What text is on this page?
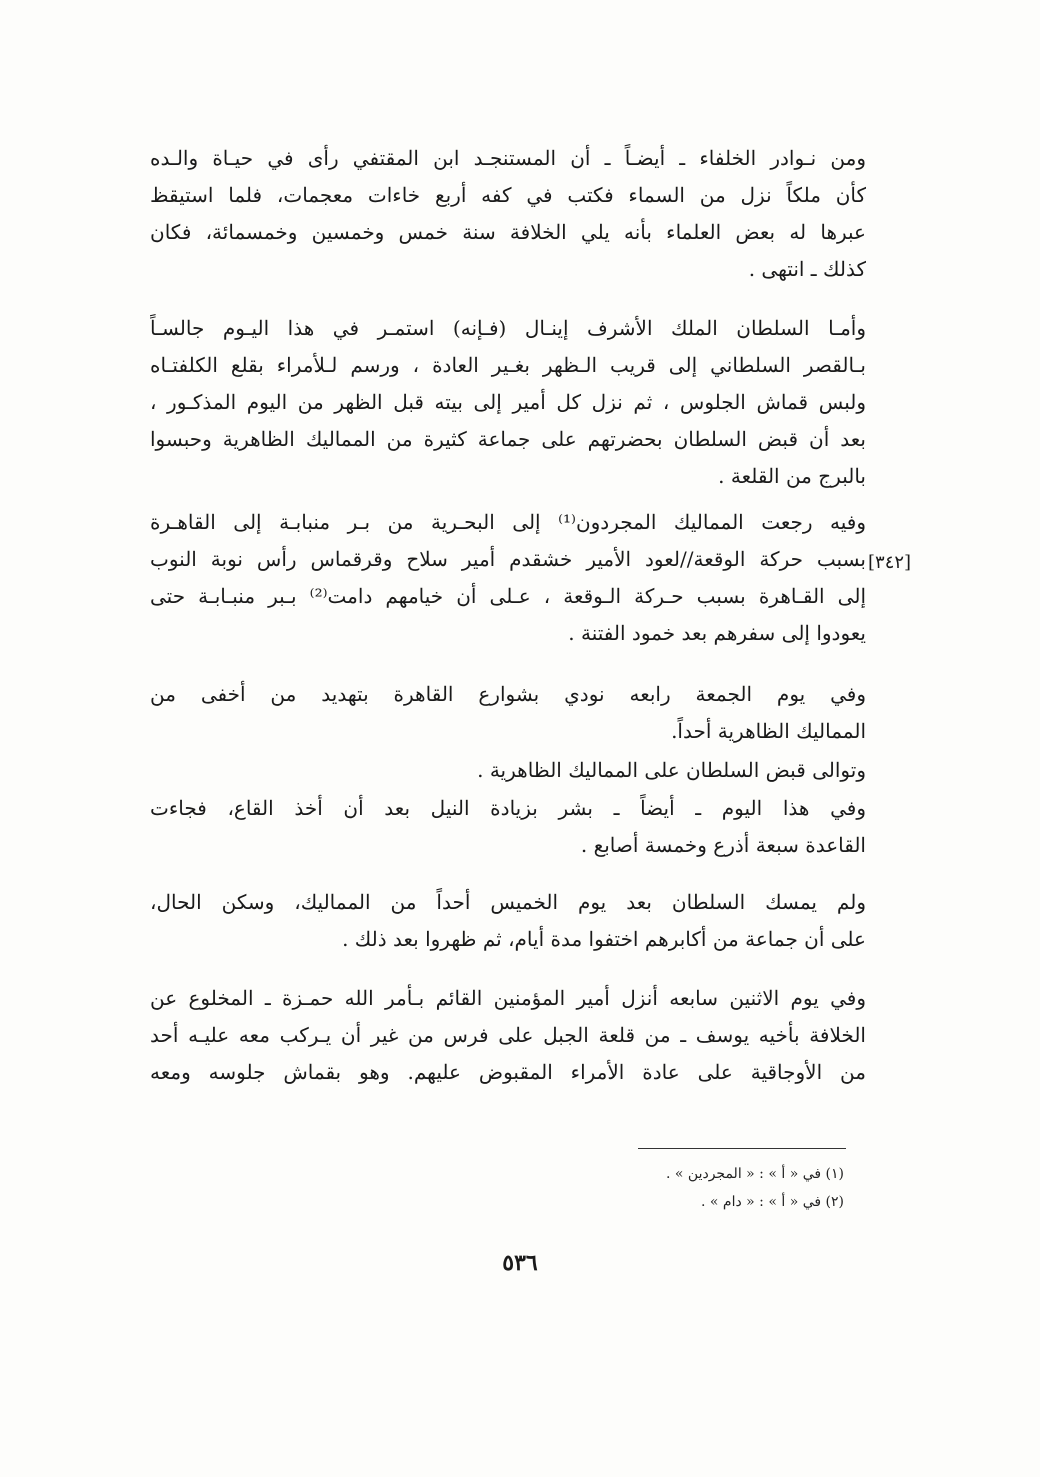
ومن نـوادر الخلفاء ـ أيضـاً ـ أن المستنجـد ابن المقتفي رأى في حيـاة والـده
كأن ملكاً نزل من السماء فكتب في كفه أربع خاءات معجمات، فلما استيقظ
عبرها له بعض العلماء بأنه يلي الخلافة سنة خمس وخمسين وخمسمائة، فكان
كذلك ـ انتهى .
وأمـا السلطان الملك الأشرف إينـال (فـإنه) استمـر في هذا اليـوم جالسـاً
بـالقصر السلطاني إلى قريب الـظهر بغـير العادة ، ورسم لـلأمراء بقلع الكلفتـاه
ولبس قماش الجلوس ، ثم نزل كل أمير إلى بيته قبل الظهر من اليوم المذكـور ،
بعد أن قبض السلطان بحضرتهم على جماعة كثيرة من المماليك الظاهرية وحبسوا
بالبرج من القلعة .
وفيه رجعت المماليك المجردون⁽¹⁾ إلى البحـرية من بـر منبابـة إلى القاهـرة
بسبب حركة الوقعة//لعود الأمير خشقدم أمير سلاح وقرقماس رأس نوبة النوب
إلى القـاهرة بسبب حـركة الـوقعة ، عـلى أن خيامهم دامت⁽²⁾ بـبر منبـابـة حتى
يعودوا إلى سفرهم بعد خمود الفتنة .
وفي يوم الجمعة رابعه نودي بشوارع القاهرة بتهديد من أخفى من
المماليك الظاهرية أحداً.
وتوالى قبض السلطان على المماليك الظاهرية .
وفي هذا اليوم ـ أيضاً ـ بشر بزيادة النيل بعد أن أخذ القاع، فجاءت
القاعدة سبعة أذرع وخمسة أصابع .
ولم يمسك السلطان بعد يوم الخميس أحداً من المماليك، وسكن الحال،
على أن جماعة من أكابرهم اختفوا مدة أيام، ثم ظهروا بعد ذلك .
وفي يوم الاثنين سابعه أنزل أمير المؤمنين القائم بـأمر الله حمـزة ـ المخلوع عن
الخلافة بأخيه يوسف ـ من قلعة الجبل على فرس من غير أن يـركب معه عليـه أحد
من الأوجاقية على عادة الأمراء المقبوض عليهم. وهو بقماش جلوسه ومعه
[٣٤٢]
(١) في « أ » : « المجردين » .
(٢) في « أ » : « دام » .
٥٣٦
